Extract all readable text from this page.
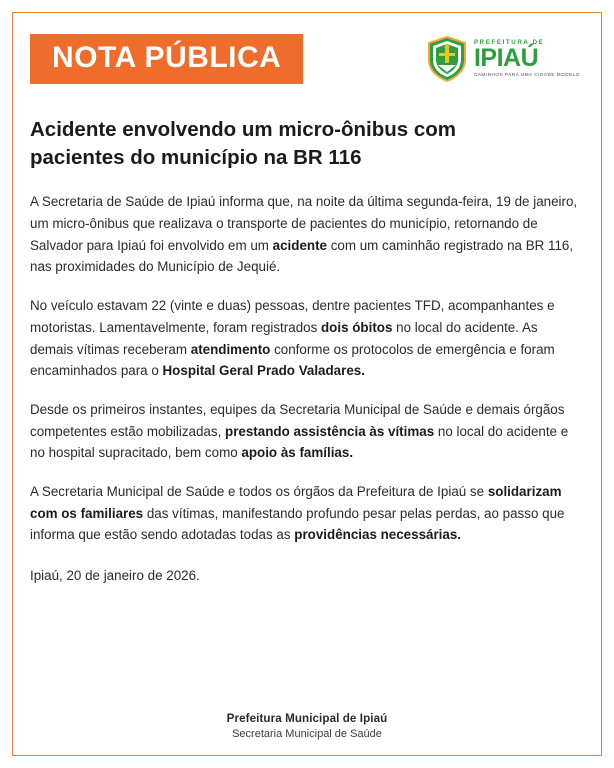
NOTA PÚBLICA	PREFEITURA DE
IPIAÚ
CAMINHOS PARA UMA CIDADE MODELO
Acidente envolvendo um micro-ônibus com pacientes do município na BR 116

A Secretaria de Saúde de Ipiaú informa que, na noite da última segunda-feira, 19 de janeiro, um micro-ônibus que realizava o transporte de pacientes do município, retornando de Salvador para Ipiaú foi envolvido em um acidente com um caminhão registrado na BR 116, nas proximidades do Município de Jequié.

No veículo estavam 22 (vinte e duas) pessoas, dentre pacientes TFD, acompanhantes e motoristas. Lamentavelmente, foram registrados dois óbitos no local do acidente. As demais vítimas receberam atendimento conforme os protocolos de emergência e foram encaminhados para o Hospital Geral Prado Valadares.

Desde os primeiros instantes, equipes da Secretaria Municipal de Saúde e demais órgãos competentes estão mobilizadas, prestando assistência às vítimas no local do acidente e no hospital supracitado, bem como apoio às famílias.

A Secretaria Municipal de Saúde e todos os órgãos da Prefeitura de Ipiaú se solidarizam com os familiares das vítimas, manifestando profundo pesar pelas perdas, ao passo que informa que estão sendo adotadas todas as providências necessárias.

Ipiaú, 20 de janeiro de 2026.
Prefeitura Municipal de Ipiaú
Secretaria Municipal de Saúde
